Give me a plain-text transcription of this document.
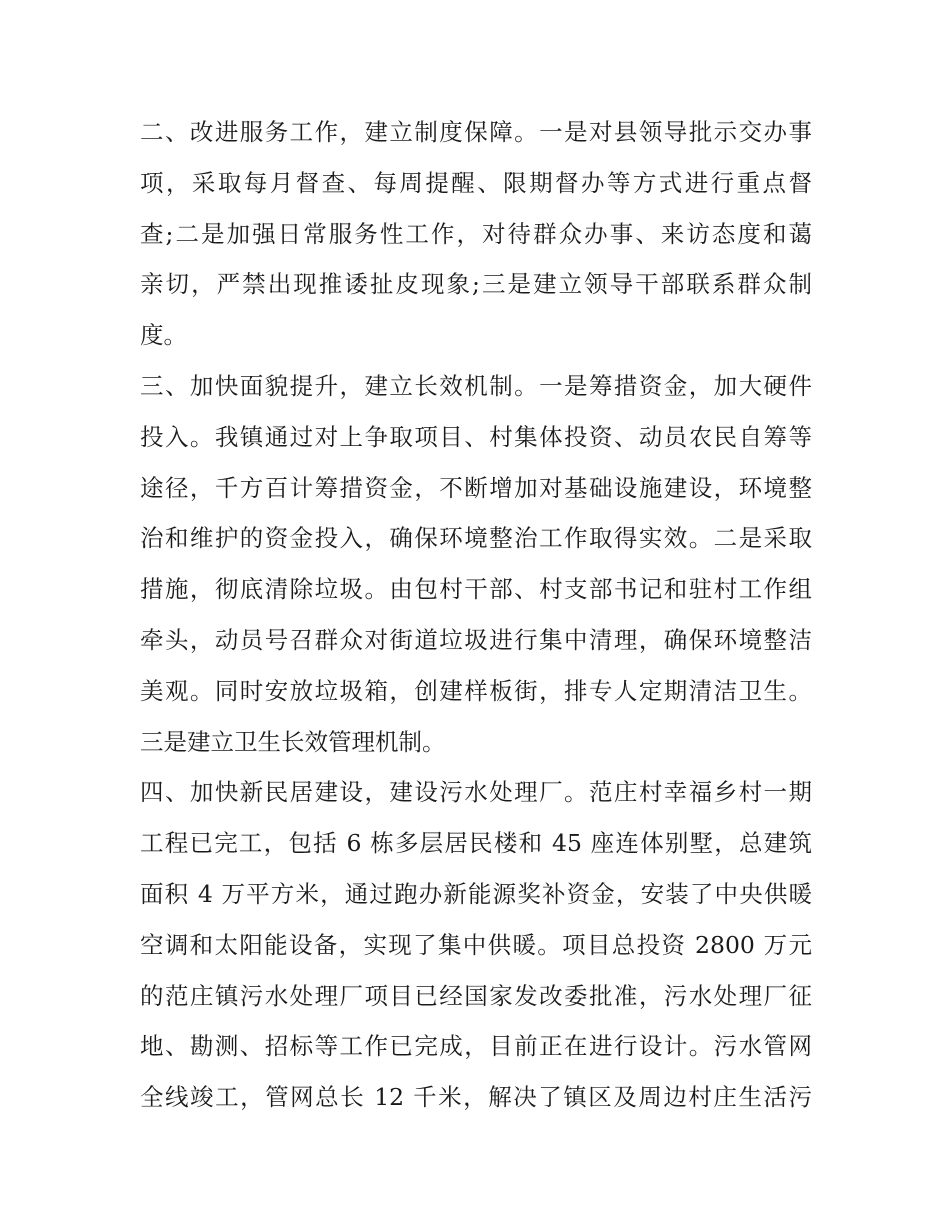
二、改进服务工作，建立制度保障。一是对县领导批示交办事
项，采取每月督查、每周提醒、限期督办等方式进行重点督
查;二是加强日常服务性工作，对待群众办事、来访态度和蔼
亲切，严禁出现推诿扯皮现象;三是建立领导干部联系群众制
度。
三、加快面貌提升，建立长效机制。一是筹措资金，加大硬件
投入。我镇通过对上争取项目、村集体投资、动员农民自筹等
途径，千方百计筹措资金，不断增加对基础设施建设，环境整
治和维护的资金投入，确保环境整治工作取得实效。二是采取
措施，彻底清除垃圾。由包村干部、村支部书记和驻村工作组
牵头，动员号召群众对街道垃圾进行集中清理，确保环境整洁
美观。同时安放垃圾箱，创建样板街，排专人定期清洁卫生。
三是建立卫生长效管理机制。
四、加快新民居建设，建设污水处理厂。范庄村幸福乡村一期
工程已完工，包括 6 栋多层居民楼和 45 座连体别墅，总建筑
面积 4 万平方米，通过跑办新能源奖补资金，安装了中央供暖
空调和太阳能设备，实现了集中供暖。项目总投资 2800 万元
的范庄镇污水处理厂项目已经国家发改委批准，污水处理厂征
地、勘测、招标等工作已完成，目前正在进行设计。污水管网
全线竣工，管网总长 12 千米，解决了镇区及周边村庄生活污
